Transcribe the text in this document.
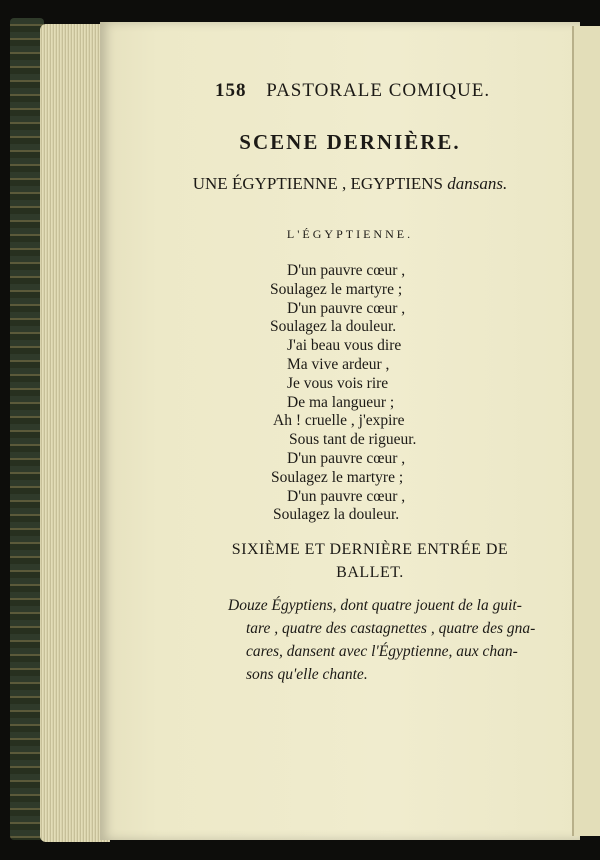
158 PASTORALE COMIQUE.
SCENE DERNIÈRE.
UNE ÉGYPTIENNE , EGYPTIENS dansans.
L'ÉGYPTIENNE.
D'un pauvre cœur ,
Soulagez le martyre ;
D'un pauvre cœur ,
Soulagez la douleur.
J'ai beau vous dire
Ma vive ardeur ,
Je vous vois rire
De ma langueur ;
Ah ! cruelle , j'expire
Sous tant de rigueur.
D'un pauvre cœur ,
Soulagez le martyre ;
D'un pauvre cœur ,
Soulagez la douleur.
SIXIÈME ET DERNIÈRE ENTRÉE DE
BALLET.
Douze Égyptiens, dont quatre jouent de la guit-
tare , quatre des castagnettes , quatre des gna-
cares, dansent avec l'Égyptienne, aux chan-
sons qu'elle chante.
